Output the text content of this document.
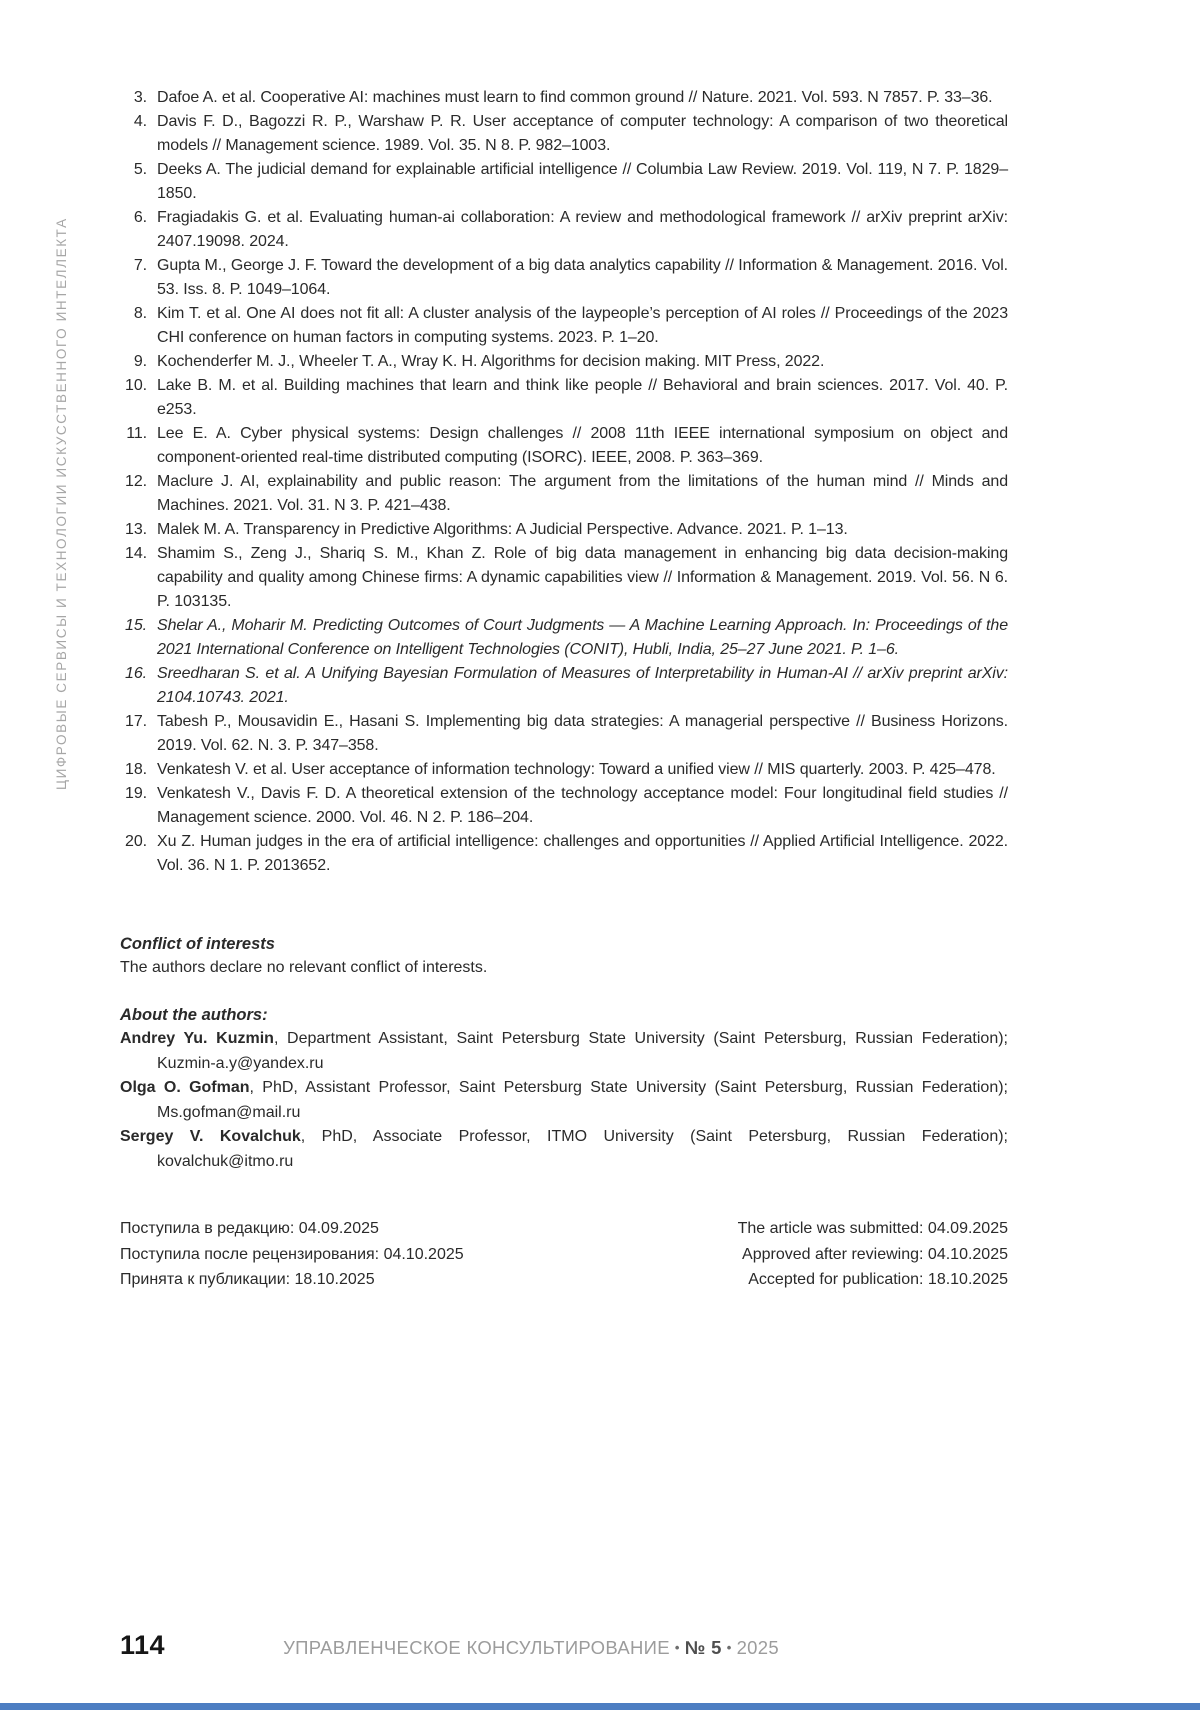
ЦИФРОВЫЕ СЕРВИСЫ И ТЕХНОЛОГИИ ИСКУССТВЕННОГО ИНТЕЛЛЕКТА
3. Dafoe A. et al. Cooperative AI: machines must learn to find common ground // Nature. 2021. Vol. 593. N 7857. P. 33–36.
4. Davis F. D., Bagozzi R. P., Warshaw P. R. User acceptance of computer technology: A comparison of two theoretical models // Management science. 1989. Vol. 35. N 8. P. 982–1003.
5. Deeks A. The judicial demand for explainable artificial intelligence // Columbia Law Review. 2019. Vol. 119, N 7. P. 1829–1850.
6. Fragiadakis G. et al. Evaluating human-ai collaboration: A review and methodological framework // arXiv preprint arXiv: 2407.19098. 2024.
7. Gupta M., George J. F. Toward the development of a big data analytics capability // Information & Management. 2016. Vol. 53. Iss. 8. P. 1049–1064.
8. Kim T. et al. One AI does not fit all: A cluster analysis of the laypeople’s perception of AI roles // Proceedings of the 2023 CHI conference on human factors in computing systems. 2023. P. 1–20.
9. Kochenderfer M. J., Wheeler T. A., Wray K. H. Algorithms for decision making. MIT Press, 2022.
10. Lake B. M. et al. Building machines that learn and think like people // Behavioral and brain sciences. 2017. Vol. 40. P. e253.
11. Lee E. A. Cyber physical systems: Design challenges // 2008 11th IEEE international symposium on object and component-oriented real-time distributed computing (ISORC). IEEE, 2008. P. 363–369.
12. Maclure J. AI, explainability and public reason: The argument from the limitations of the human mind // Minds and Machines. 2021. Vol. 31. N 3. P. 421–438.
13. Malek M. A. Transparency in Predictive Algorithms: A Judicial Perspective. Advance. 2021. P. 1–13.
14. Shamim S., Zeng J., Shariq S. M., Khan Z. Role of big data management in enhancing big data decision-making capability and quality among Chinese firms: A dynamic capabilities view // Information & Management. 2019. Vol. 56. N 6. P. 103135.
15. Shelar A., Moharir M. Predicting Outcomes of Court Judgments — A Machine Learning Approach. In: Proceedings of the 2021 International Conference on Intelligent Technologies (CONIT), Hubli, India, 25–27 June 2021. P. 1–6.
16. Sreedharan S. et al. A Unifying Bayesian Formulation of Measures of Interpretability in Human-AI // arXiv preprint arXiv: 2104.10743. 2021.
17. Tabesh P., Mousavidin E., Hasani S. Implementing big data strategies: A managerial perspective // Business Horizons. 2019. Vol. 62. N. 3. P. 347–358.
18. Venkatesh V. et al. User acceptance of information technology: Toward a unified view // MIS quarterly. 2003. P. 425–478.
19. Venkatesh V., Davis F. D. A theoretical extension of the technology acceptance model: Four longitudinal field studies // Management science. 2000. Vol. 46. N 2. P. 186–204.
20. Xu Z. Human judges in the era of artificial intelligence: challenges and opportunities // Applied Artificial Intelligence. 2022. Vol. 36. N 1. P. 2013652.
Conflict of interests
The authors declare no relevant conflict of interests.
About the authors:
Andrey Yu. Kuzmin, Department Assistant, Saint Petersburg State University (Saint Petersburg, Russian Federation); Kuzmin-a.y@yandex.ru
Olga O. Gofman, PhD, Assistant Professor, Saint Petersburg State University (Saint Petersburg, Russian Federation); Ms.gofman@mail.ru
Sergey V. Kovalchuk, PhD, Associate Professor, ITMO University (Saint Petersburg, Russian Federation); kovalchuk@itmo.ru
Поступила в редакцию: 04.09.2025
Поступила после рецензирования: 04.10.2025
Принята к публикации: 18.10.2025
The article was submitted: 04.09.2025
Approved after reviewing: 04.10.2025
Accepted for publication: 18.10.2025
114	УПРАВЛЕНЧЕСКОЕ КОНСУЛЬТИРОВАНИЕ • № 5 • 2025
